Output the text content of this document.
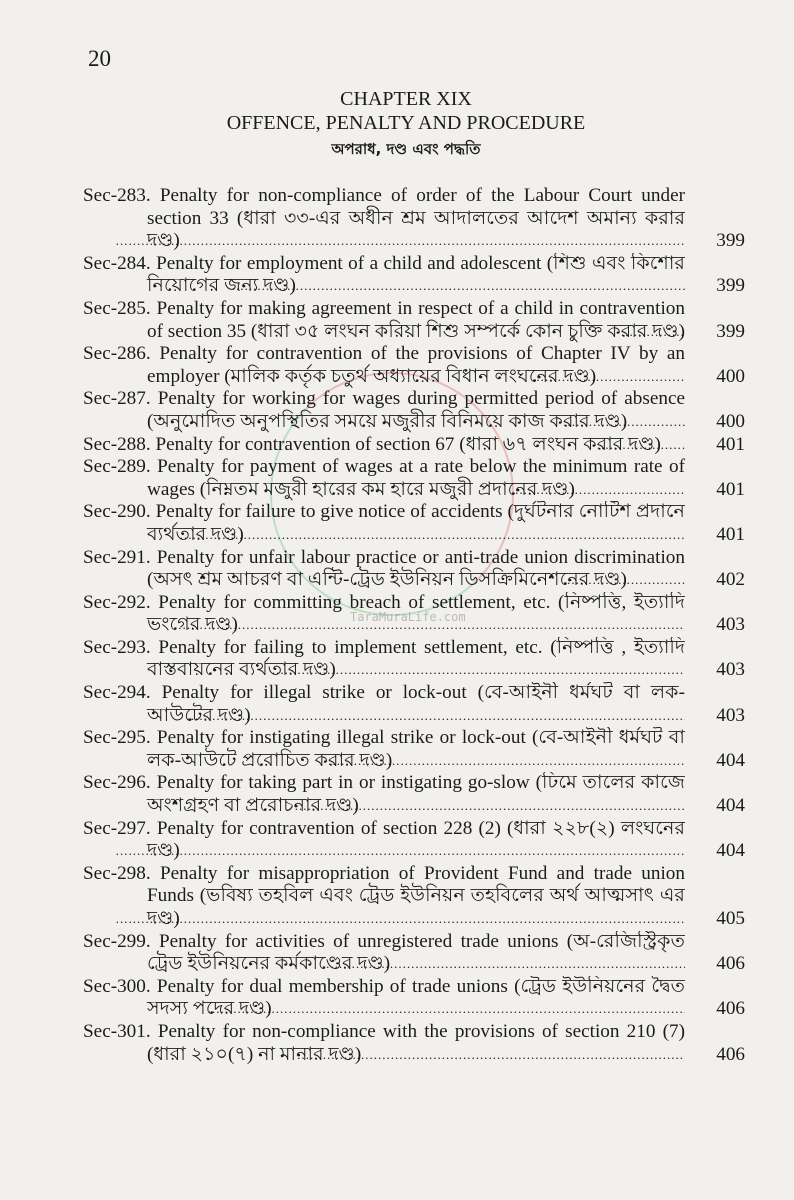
20
CHAPTER XIX
OFFENCE, PENALTY AND PROCEDURE
অপরাধ, দণ্ড এবং পদ্ধতি
TaraMuraLife.com
Sec-283. Penalty for non-compliance of order of the Labour Court under section 33 (ধারা ৩৩-এর অধীন শ্রম আদালতের আদেশ অমান্য করার দণ্ড) .....	399
Sec-284. Penalty for employment of a child and adolescent (শিশু এবং কিশোর নিয়োগের জন্য দণ্ড) .....	399
Sec-285. Penalty for making agreement in respect of a child in contravention of section 35 (ধারা ৩৫ লংঘন করিয়া শিশু সম্পর্কে কোন চুক্তি করার দণ্ড) .....	399
Sec-286. Penalty for contravention of the provisions of Chapter IV by an employer (মালিক কর্তৃক চতুর্থ অধ্যায়ের বিধান লংঘনের দণ্ড) .....	400
Sec-287. Penalty for working for wages during permitted period of absence (অনুমোদিত অনুপস্থিতির সময়ে মজুরীর বিনিময়ে কাজ করার দণ্ড) .....	400
Sec-288. Penalty for contravention of section 67 (ধারা ৬৭ লংঘন করার দণ্ড) .....	401
Sec-289. Penalty for payment of wages at a rate below the minimum rate of wages (নিম্নতম মজুরী হারের কম হারে মজুরী প্রদানের দণ্ড) .....	401
Sec-290. Penalty for failure to give notice of accidents (দুর্ঘটনার নোটিশ প্রদানে ব্যর্থতার দণ্ড) .....	401
Sec-291. Penalty for unfair labour practice or anti-trade union discrimination (অসৎ শ্রম আচরণ বা এন্টি-ট্রেড ইউনিয়ন ডিসক্রিমিনেশনের দণ্ড) .....	402
Sec-292. Penalty for committing breach of settlement, etc. (নিষ্পত্তি, ইত্যাদি ভংগের দণ্ড) .....	403
Sec-293. Penalty for failing to implement settlement, etc. (নিষ্পত্তি , ইত্যাদি বাস্তবায়নের ব্যর্থতার দণ্ড) .....	403
Sec-294. Penalty for illegal strike or lock-out (বে-আইনী ধর্মঘট বা লক-আউটের দণ্ড) .....	403
Sec-295. Penalty for instigating illegal strike or lock-out (বে-আইনী ধর্মঘট বা লক-আউটে প্ররোচিত করার দণ্ড) .....	404
Sec-296. Penalty for taking part in or instigating go-slow (ঢিমে তালের কাজে অংশগ্রহণ বা প্ররোচনার দণ্ড) .....	404
Sec-297. Penalty for contravention of section 228 (2) (ধারা ২২৮(২) লংঘনের দণ্ড) .....	404
Sec-298. Penalty for misappropriation of Provident Fund and trade union Funds (ভবিষ্য তহবিল এবং ট্রেড ইউনিয়ন তহবিলের অর্থ আত্মসাৎ এর দণ্ড) .....	405
Sec-299. Penalty for activities of unregistered trade unions (অ-রেজিস্ট্রিকৃত ট্রেড ইউনিয়নের কর্মকাণ্ডের দণ্ড) .....	406
Sec-300. Penalty for dual membership of trade unions (ট্রেড ইউনিয়নের দ্বৈত সদস্য পদের দণ্ড) .....	406
Sec-301. Penalty for non-compliance with the provisions of section 210 (7) (ধারা ২১০(৭) না মানার দণ্ড) .....	406
